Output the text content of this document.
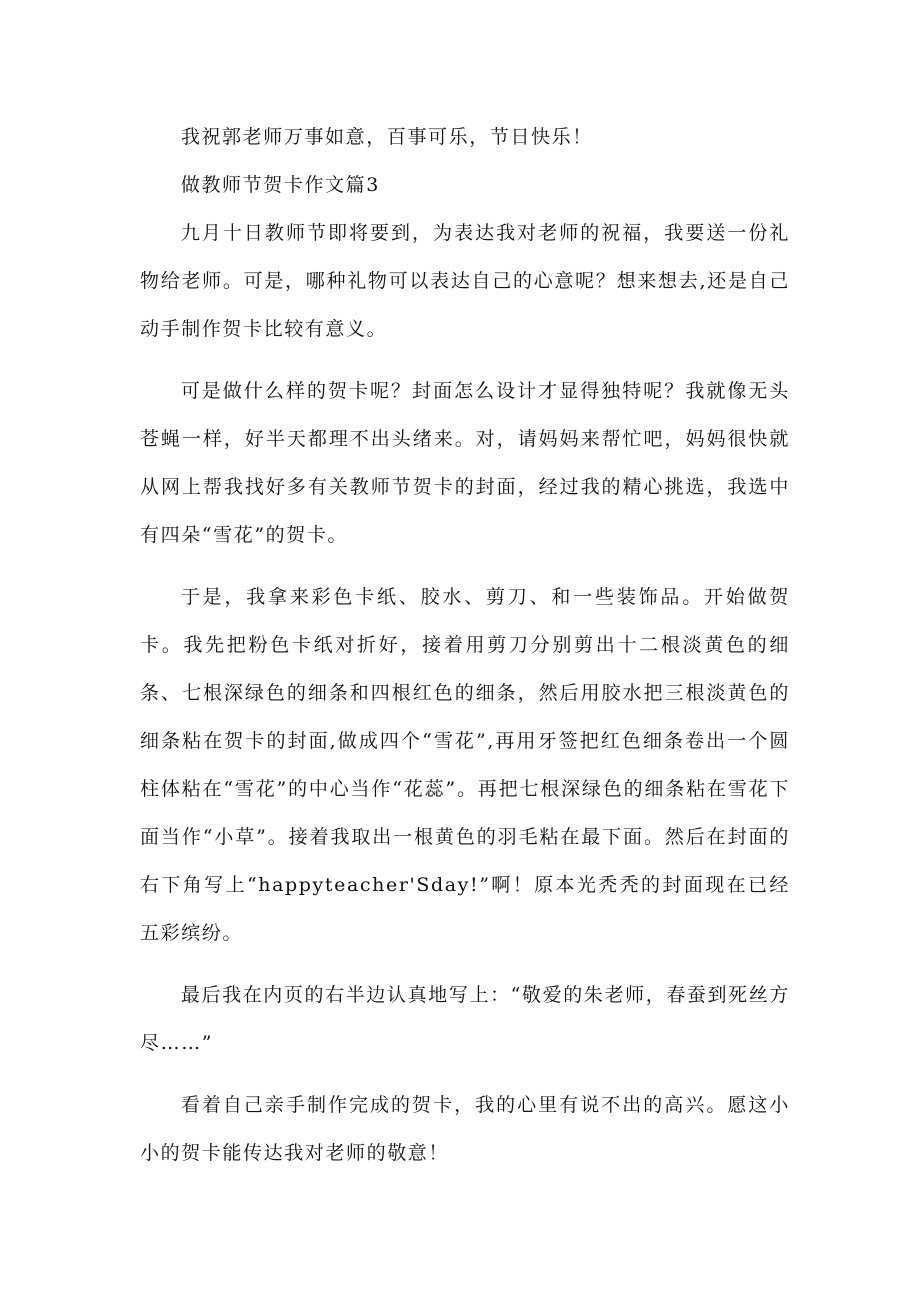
我祝郭老师万事如意，百事可乐，节日快乐！

做教师节贺卡作文篇3

九月十日教师节即将要到，为表达我对老师的祝福，我要送一份礼物给老师。可是，哪种礼物可以表达自己的心意呢？想来想去,还是自己动手制作贺卡比较有意义。

可是做什么样的贺卡呢？封面怎么设计才显得独特呢？我就像无头苍蝇一样，好半天都理不出头绪来。对，请妈妈来帮忙吧，妈妈很快就从网上帮我找好多有关教师节贺卡的封面，经过我的精心挑选，我选中有四朵“雪花”的贺卡。

于是，我拿来彩色卡纸、胶水、剪刀、和一些装饰品。开始做贺卡。我先把粉色卡纸对折好，接着用剪刀分别剪出十二根淡黄色的细条、七根深绿色的细条和四根红色的细条，然后用胶水把三根淡黄色的细条粘在贺卡的封面,做成四个“雪花”,再用牙签把红色细条卷出一个圆柱体粘在“雪花”的中心当作“花蕊”。再把七根深绿色的细条粘在雪花下面当作“小草”。接着我取出一根黄色的羽毛粘在最下面。然后在封面的右下角写上“happyteacher'Sday!”啊！原本光秃秃的封面现在已经五彩缤纷。

最后我在内页的右半边认真地写上：“敬爱的朱老师，春蚕到死丝方尽……”

看着自己亲手制作完成的贺卡，我的心里有说不出的高兴。愿这小小的贺卡能传达我对老师的敬意！
